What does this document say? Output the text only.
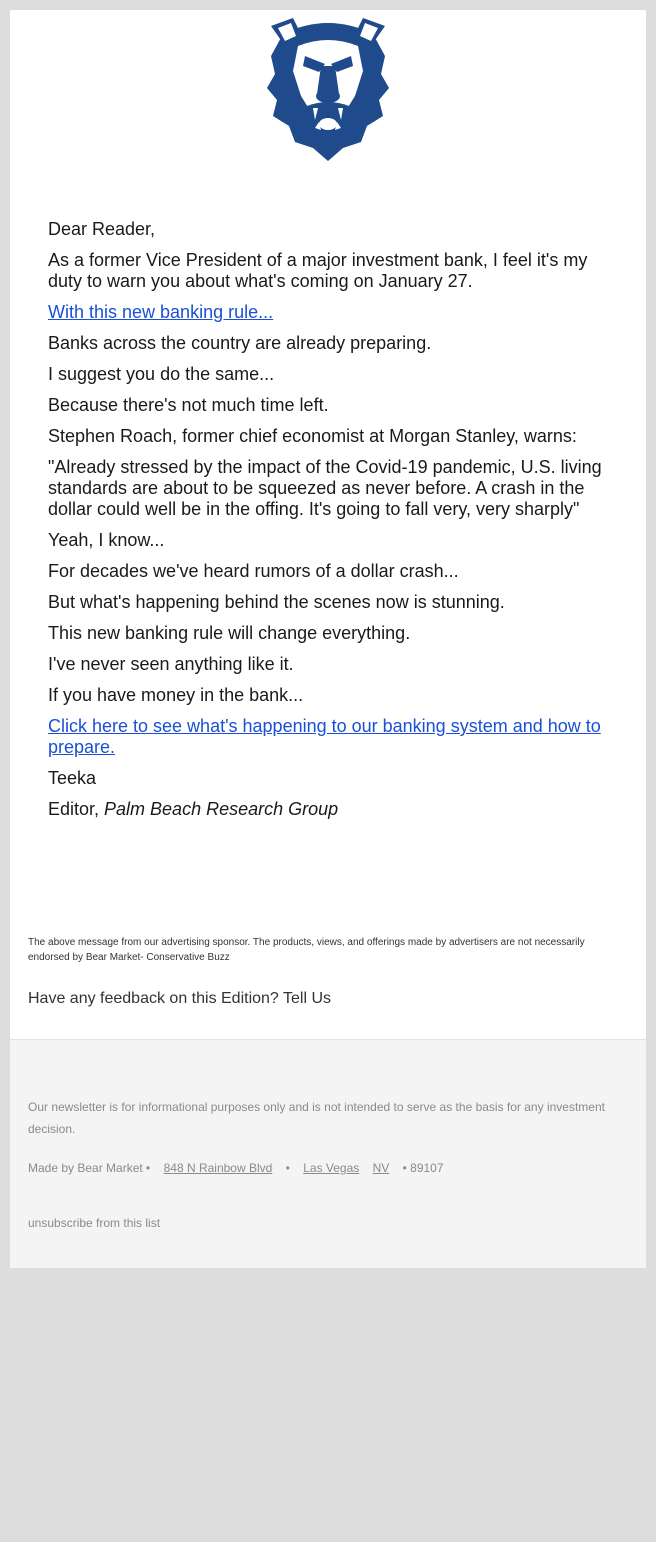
Dear Reader,

As a former Vice President of a major investment bank, I feel it's my duty to warn you about what's coming on January 27.

With this new banking rule...

Banks across the country are already preparing.

I suggest you do the same...

Because there's not much time left.

Stephen Roach, former chief economist at Morgan Stanley, warns:

"Already stressed by the impact of the Covid-19 pandemic, U.S. living standards are about to be squeezed as never before. A crash in the dollar could well be in the offing. It's going to fall very, very sharply"

Yeah, I know...

For decades we've heard rumors of a dollar crash...

But what's happening behind the scenes now is stunning.

This new banking rule will change everything.

I've never seen anything like it.

If you have money in the bank...

Click here to see what's happening to our banking system and how to prepare.

Teeka

Editor, Palm Beach Research Group

The above message from our advertising sponsor. The products, views, and offerings made by advertisers are not necessarily endorsed by Bear Market- Conservative Buzz
Have any feedback on this Edition? Tell Us

Our newsletter is for informational purposes only and is not intended to serve as the basis for any investment decision.

Made by Bear Market • 848 N Rainbow Blvd • Las Vegas NV • 89107
unsubscribe from this list
